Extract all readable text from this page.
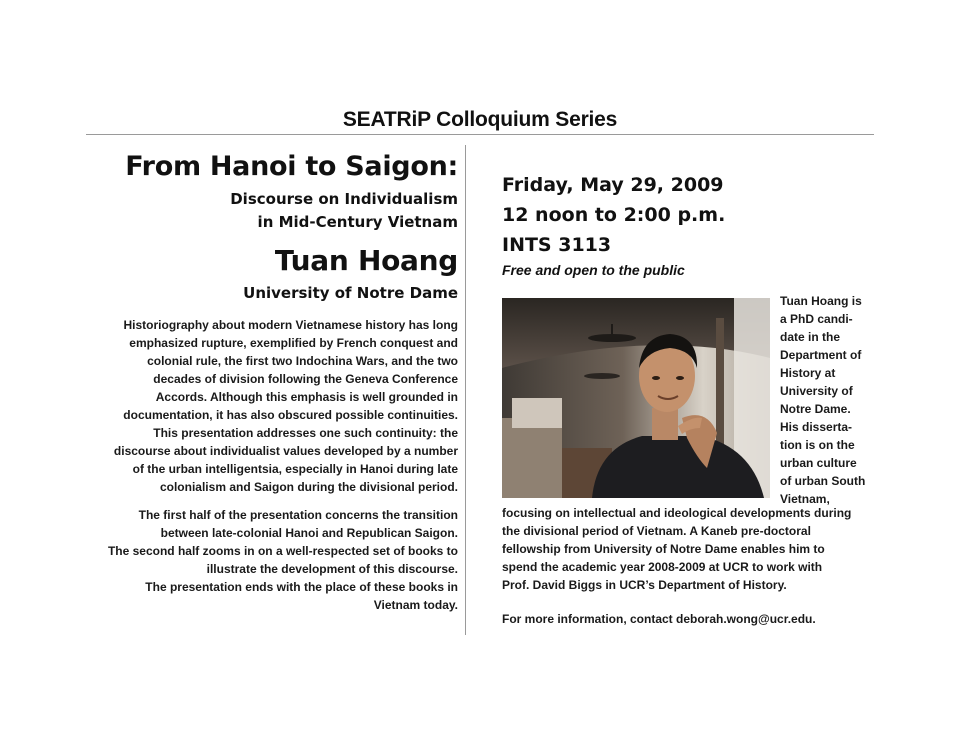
SEATRiP Colloquium Series

From Hanoi to Saigon:

Discourse on Individualism
in Mid-Century Vietnam

Tuan Hoang

University of Notre Dame

Historiography about modern Vietnamese history has long
emphasized rupture, exemplified by French conquest and
colonial rule, the first two Indochina Wars, and the two
decades of division following the Geneva Conference
Accords. Although this emphasis is well grounded in
documentation, it has also obscured possible continuities.
This presentation addresses one such continuity: the
discourse about individualist values developed by a number
of the urban intelligentsia, especially in Hanoi during late
colonialism and Saigon during the divisional period.

The first half of the presentation concerns the transition
between late-colonial Hanoi and Republican Saigon.
The second half zooms in on a well-respected set of books to
illustrate the development of this discourse.
The presentation ends with the place of these books in
Vietnam today.

Friday, May 29, 2009

12 noon to 2:00 p.m.

INTS 3113

Free and open to the public

Tuan Hoang is
a PhD candi-
date in the
Department of
History at
University of
Notre Dame.
His disserta-
tion is on the
urban culture
of urban South
Vietnam,

focusing on intellectual and ideological developments during
the divisional period of Vietnam. A Kaneb pre-doctoral
fellowship from University of Notre Dame enables him to
spend the academic year 2008-2009 at UCR to work with
Prof. David Biggs in UCR’s Department of History.

For more information, contact deborah.wong@ucr.edu.
